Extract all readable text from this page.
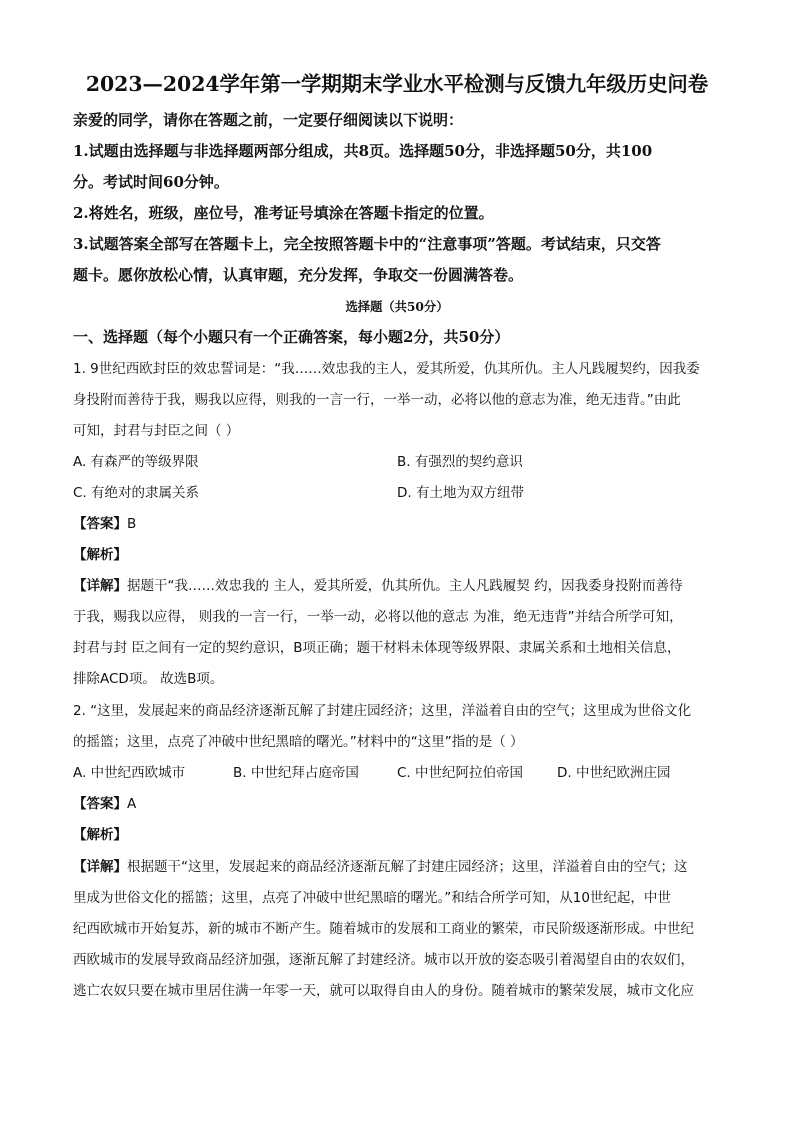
2023—2024学年第一学期期末学业水平检测与反馈九年级历史问卷
亲爱的同学，请你在答题之前，一定要仔细阅读以下说明：
1.试题由选择题与非选择题两部分组成，共8页。选择题50分，非选择题50分，共100
分。考试时间60分钟。
2.将姓名，班级，座位号，准考证号填涂在答题卡指定的位置。
3.试题答案全部写在答题卡上，完全按照答题卡中的“注意事项”答题。考试结束，只交答
题卡。愿你放松心情，认真审题，充分发挥，争取交一份圆满答卷。
选择题（共50分）
一、选择题（每个小题只有一个正确答案，每小题2分，共50分）
1. 9世纪西欧封臣的效忠誓词是：“我……效忠我的主人，爱其所爱，仇其所仇。主人凡践履契约，因我委
身投附而善待于我，赐我以应得，则我的一言一行，一举一动，必将以他的意志为准，绝无违背。”由此
可知，封君与封臣之间（ ）
A. 有森严的等级界限	B. 有强烈的契约意识
C. 有绝对的隶属关系	D. 有土地为双方纽带
【答案】B
【解析】
【详解】据题干“我……效忠我的 主人，爱其所爱，仇其所仇。主人凡践履契 约，因我委身投附而善待
于我，赐我以应得， 则我的一言一行，一举一动，必将以他的意志 为准，绝无违背”并结合所学可知，
封君与封 臣之间有一定的契约意识，B项正确；题干材料未体现等级界限、隶属关系和土地相关信息，
排除ACD项。 故选B项。
2. “这里，发展起来的商品经济逐渐瓦解了封建庄园经济；这里，洋溢着自由的空气；这里成为世俗文化
的摇篮；这里，点亮了冲破中世纪黑暗的曙光。”材料中的“这里”指的是（ ）
A. 中世纪西欧城市	B. 中世纪拜占庭帝国	C. 中世纪阿拉伯帝国	D. 中世纪欧洲庄园
【答案】A
【解析】
【详解】根据题干“这里，发展起来的商品经济逐渐瓦解了封建庄园经济；这里，洋溢着自由的空气；这
里成为世俗文化的摇篮；这里，点亮了冲破中世纪黑暗的曙光。”和结合所学可知，从10世纪起，中世
纪西欧城市开始复苏，新的城市不断产生。随着城市的发展和工商业的繁荣，市民阶级逐渐形成。中世纪
西欧城市的发展导致商品经济加强，逐渐瓦解了封建经济。城市以开放的姿态吸引着渴望自由的农奴们，
逃亡农奴只要在城市里居住满一年零一天，就可以取得自由人的身份。随着城市的繁荣发展，城市文化应
